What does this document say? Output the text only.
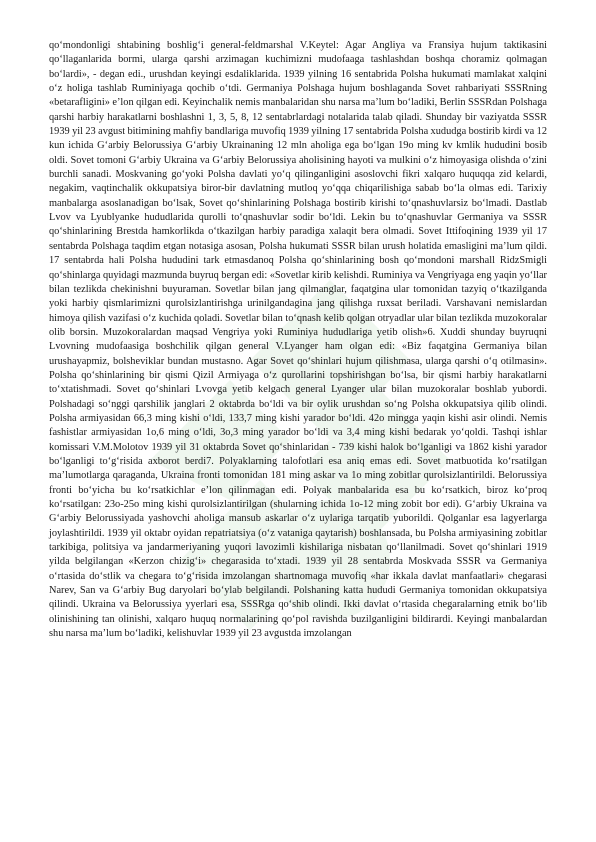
qo‘mondonligi shtabining boshlig‘i general-feldmarshal V.Keytel: Agar Angliya va Fransiya hujum taktikasini qo‘llaganlarida bormi, ularga qarshi arzimagan kuchimizni mudofaaga tashlashdan boshqa choramiz qolmagan bo‘lardi», - degan edi., urushdan keyingi esdaliklarida. 1939 yilning 16 sentabrida Polsha hukumati mamlakat xalqini o‘z holiga tashlab Ruminiyaga qochib o‘tdi. Germaniya Polshaga hujum boshlaganda Sovet rahbariyati SSSRning «betarafligini» e’lon qilgan edi. Keyinchalik nemis manbalaridan shu narsa ma’lum bo‘ladiki, Berlin SSSRdan Polshaga qarshi harbiy harakatlarni boshlashni 1, 3, 5, 8, 12 sentabrlardagi notalarida talab qiladi. Shunday bir vaziyatda SSSR 1939 yil 23 avgust bitimining mahfiy bandlariga muvofiq 1939 yilning 17 sentabrida Polsha xududga bostirib kirdi va 12 kun ichida G‘arbiy Belorussiya G‘arbiy Ukrainaning 12 mln aholiga ega bo‘lgan 19o ming kv kmlik hududini bosib oldi. Sovet tomoni G‘arbiy Ukraina va G‘arbiy Belorussiya aholisining hayoti va mulkini o‘z himoyasiga olishda o‘zini burchli sanadi. Moskvaning go‘yoki Polsha davlati yo‘q qilinganligini asoslovchi fikri xalqaro huquqqa zid kelardi, negakim, vaqtinchalik okkupatsiya biror-bir davlatning mutloq yo‘qqa chiqarilishiga sabab bo‘la olmas edi. Tarixiy manbalarga asoslanadigan bo‘lsak, Sovet qo‘shinlarining Polshaga bostirib kirishi to‘qnashuvlarsiz bo‘lmadi. Dastlab Lvov va Lyublyanke hududlarida qurolli to‘qnashuvlar sodir bo‘ldi. Lekin bu to‘qnashuvlar Germaniya va SSSR qo‘shinlarining Brestda hamkorlikda o‘tkazilgan harbiy paradiga xalaqit bera olmadi. Sovet Ittifoqining 1939 yil 17 sentabrda Polshaga taqdim etgan notasiga asosan, Polsha hukumati SSSR bilan urush holatida emasligini ma’lum qildi. 17 sentabrda hali Polsha hududini tark etmasdanoq Polsha qo‘shinlarining bosh qo‘mondoni marshall RidzSmigli qo‘shinlarga quyidagi mazmunda buyruq bergan edi: «Sovetlar kirib kelishdi. Ruminiya va Vengriyaga eng yaqin yo‘llar bilan tezlikda chekinishni buyuraman. Sovetlar bilan jang qilmanglar, faqatgina ular tomonidan tazyiq o‘tkazilganda yoki harbiy qismlarimizni qurolsizlantirishga urinilgandagina jang qilishga ruxsat beriladi. Varshavani nemislardan himoya qilish vazifasi o‘z kuchida qoladi. Sovetlar bilan to‘qnash kelib qolgan otryadlar ular bilan tezlikda muzokoralar olib borsin. Muzokoralardan maqsad Vengriya yoki Ruminiya hududlariga yetib olish»6. Xuddi shunday buyruqni Lvovning mudofaasiga boshchilik qilgan general V.Lyanger ham olgan edi: «Biz faqatgina Germaniya bilan urushayapmiz, bolsheviklar bundan mustasno. Agar Sovet qo‘shinlari hujum qilishmasa, ularga qarshi o‘q otilmasin». Polsha qo‘shinlarining bir qismi Qizil Armiyaga o‘z qurollarini topshirishgan bo‘lsa, bir qismi harbiy harakatlarni to‘xtatishmadi. Sovet qo‘shinlari Lvovga yetib kelgach general Lyanger ular bilan muzokoralar boshlab yubordi. Polshadagi so‘nggi qarshilik janglari 2 oktabrda bo‘ldi va bir oylik urushdan so‘ng Polsha okkupatsiya qilib olindi. Polsha armiyasidan 66,3 ming kishi o‘ldi, 133,7 ming kishi yarador bo‘ldi. 42o mingga yaqin kishi asir olindi. Nemis fashistlar armiyasidan 1o,6 ming o‘ldi, 3o,3 ming yarador bo‘ldi va 3,4 ming kishi bedarak yo‘qoldi. Tashqi ishlar komissari V.M.Molotov 1939 yil 31 oktabrda Sovet qo‘shinlaridan - 739 kishi halok bo‘lganligi va 1862 kishi yarador bo‘lganligi to‘g‘risida axborot berdi7. Polyaklarning talofotlari esa aniq emas edi. Sovet matbuotida ko‘rsatilgan ma’lumotlarga qaraganda, Ukraina fronti tomonidan 181 ming askar va 1o ming zobitlar qurolsizlantirildi. Belorussiya fronti bo‘yicha bu ko‘rsatkichlar e’lon qilinmagan edi. Polyak manbalarida esa bu ko‘rsatkich, biroz ko‘proq ko‘rsatilgan: 23o-25o ming kishi qurolsizlantirilgan (shularning ichida 1o-12 ming zobit bor edi). G‘arbiy Ukraina va G‘arbiy Belorussiyada yashovchi aholiga mansub askarlar o‘z uylariga tarqatib yuborildi. Qolganlar esa lagyerlarga joylashtirildi. 1939 yil oktabr oyidan repatriatsiya (o‘z vataniga qaytarish) boshlansada, bu Polsha armiyasining zobitlar tarkibiga, politsiya va jandarmeriyaning yuqori lavozimli kishilariga nisbatan qo‘llanilmadi. Sovet qo‘shinlari 1919 yilda belgilangan «Kerzon chizig‘i» chegarasida to‘xtadi. 1939 yil 28 sentabrda Moskvada SSSR va Germaniya o‘rtasida do‘stlik va chegara to‘g‘risida imzolangan shartnomaga muvofiq «har ikkala davlat manfaatlari» chegarasi Narev, San va G‘arbiy Bug daryolari bo‘ylab belgilandi. Polshaning katta hududi Germaniya tomonidan okkupatsiya qilindi. Ukraina va Belorussiya yyerlari esa, SSSRga qo‘shib olindi. Ikki davlat o‘rtasida chegaralarning etnik bo‘lib olinishining tan olinishi, xalqaro huquq normalarining qo‘pol ravishda buzilganligini bildirardi. Keyingi manbalardan shu narsa ma’lum bo‘ladiki, kelishuvlar 1939 yil 23 avgustda imzolangan
